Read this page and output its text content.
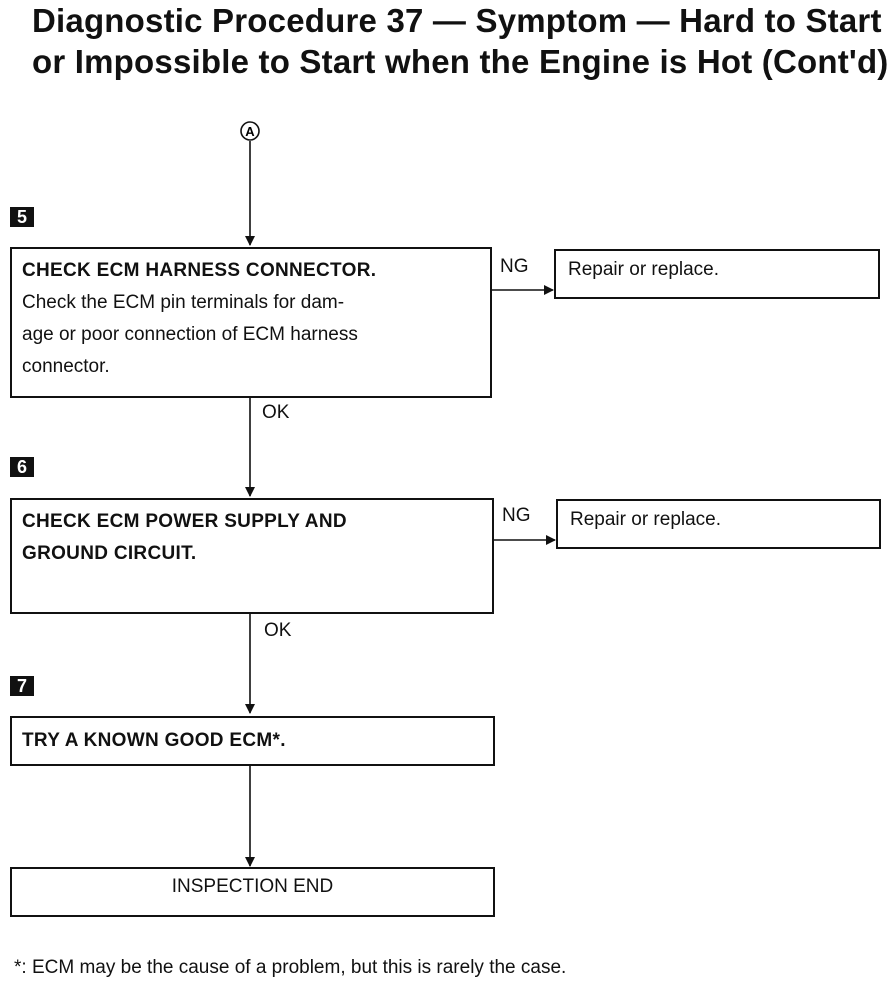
Diagnostic Procedure 37 — Symptom — Hard to Start or Impossible to Start when the Engine is Hot (Cont'd)
A
5
CHECK ECM HARNESS CONNECTOR.
Check the ECM pin terminals for dam-
age or poor connection of ECM harness
connector.
NG Repair or replace.
OK
6
CHECK ECM POWER SUPPLY AND
GROUND CIRCUIT.
NG Repair or replace.
OK
7
TRY A KNOWN GOOD ECM*.
INSPECTION END
*: ECM may be the cause of a problem, but this is rarely the case.
